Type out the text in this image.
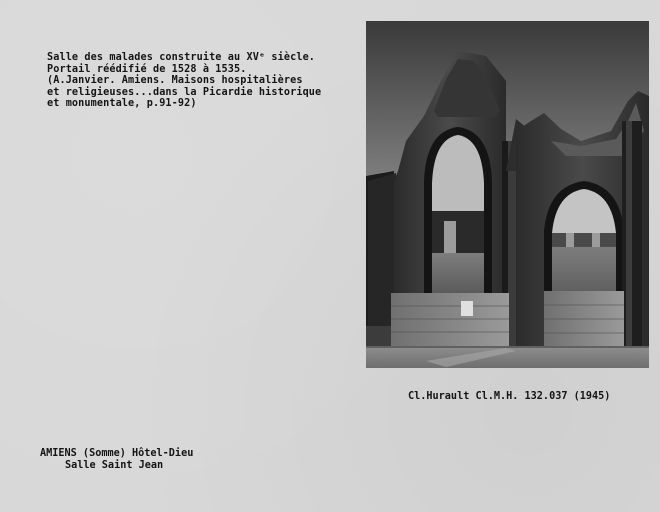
Salle des malades construite au XVᵉ siècle.
Portail réédifié de 1528 à 1535.
(A.Janvier. Amiens. Maisons hospitalières
et religieuses...dans la Picardie historique
et monumentale, p.91-92)
Cl.Hurault Cl.M.H. 132.037 (1945)
AMIENS (Somme) Hôtel-Dieu
Salle Saint Jean
